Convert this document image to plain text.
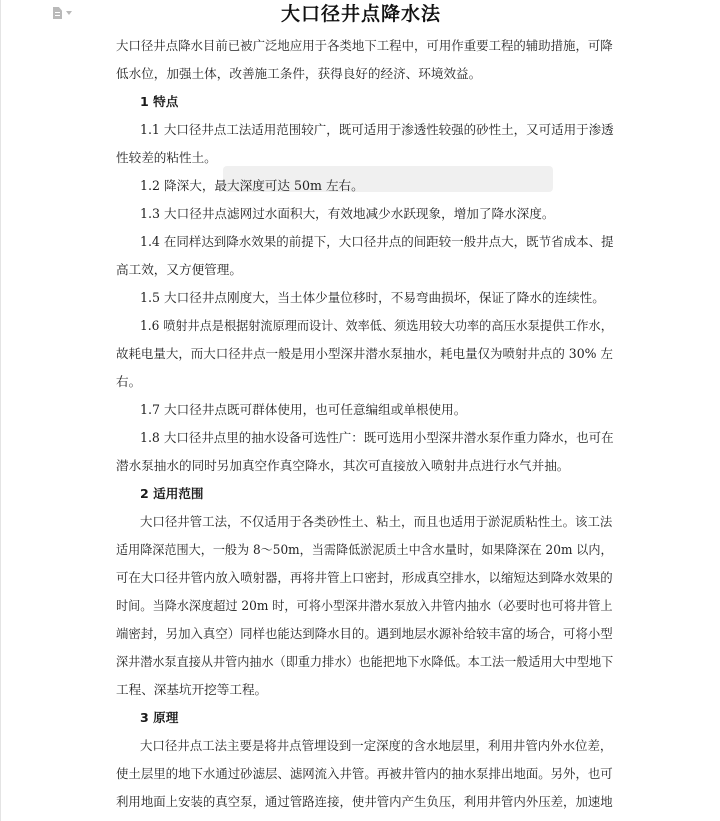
大口径井点降水法
大口径井点降水目前已被广泛地应用于各类地下工程中，可用作重要工程的辅助措施，可降
低水位，加强土体，改善施工条件，获得良好的经济、环境效益。
1 特点
1.1 大口径井点工法适用范围较广，既可适用于渗透性较强的砂性土，又可适用于渗透
性较差的粘性土。
1.2 降深大，最大深度可达 50m 左右。
1.3 大口径井点滤网过水面积大，有效地减少水跃现象，增加了降水深度。
1.4 在同样达到降水效果的前提下，大口径井点的间距较一般井点大，既节省成本、提
高工效，又方便管理。
1.5 大口径井点刚度大，当土体少量位移时，不易弯曲损坏，保证了降水的连续性。
1.6 喷射井点是根据射流原理而设计、效率低、须选用较大功率的高压水泵提供工作水，
故耗电量大，而大口径井点一般是用小型深井潜水泵抽水，耗电量仅为喷射井点的 30% 左
右。
1.7 大口径井点既可群体使用，也可任意编组或单根使用。
1.8 大口径井点里的抽水设备可选性广：既可选用小型深井潜水泵作重力降水，也可在
潜水泵抽水的同时另加真空作真空降水，其次可直接放入喷射井点进行水气并抽。
2 适用范围
大口径井管工法，不仅适用于各类砂性土、粘土，而且也适用于淤泥质粘性土。该工法
适用降深范围大，一般为 8～50m，当需降低淤泥质土中含水量时，如果降深在 20m 以内，
可在大口径井管内放入喷射器，再将井管上口密封，形成真空排水，以缩短达到降水效果的
时间。当降水深度超过 20m 时，可将小型深井潜水泵放入井管内抽水（必要时也可将井管上
端密封，另加入真空）同样也能达到降水目的。遇到地层水源补给较丰富的场合，可将小型
深井潜水泵直接从井管内抽水（即重力排水）也能把地下水降低。本工法一般适用大中型地下
工程、深基坑开挖等工程。
3 原理
大口径井点工法主要是将井点管埋设到一定深度的含水地层里，利用井管内外水位差，
使土层里的地下水通过砂滤层、滤网流入井管。再被井管内的抽水泵排出地面。另外，也可
利用地面上安装的真空泵，通过管路连接，使井管内产生负压，利用井管内外压差，加速地
